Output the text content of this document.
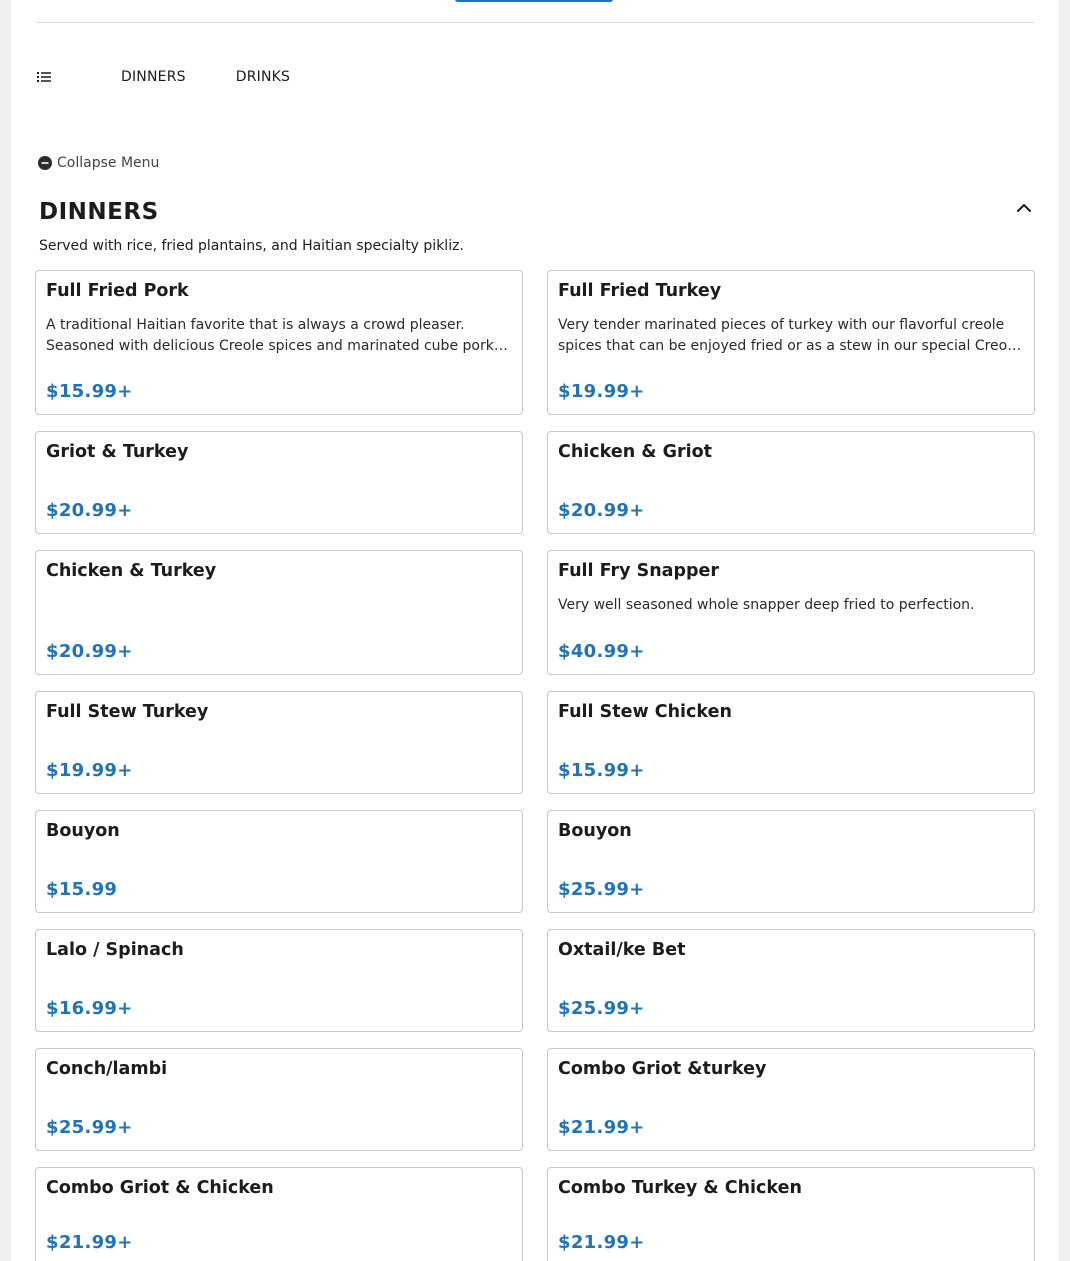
DINNERS	DRINKS
Collapse Menu
DINNERS
Served with rice, fried plantains, and Haitian specialty pikliz.
Full Fried Pork
A traditional Haitian favorite that is always a crowd pleaser. Seasoned with delicious Creole spices and marinated cube pork…
$15.99+
Full Fried Turkey
Very tender marinated pieces of turkey with our flavorful creole spices that can be enjoyed fried or as a stew in our special Creo…
$19.99+
Griot & Turkey
$20.99+
Chicken & Griot
$20.99+
Chicken & Turkey
$20.99+
Full Fry Snapper
Very well seasoned whole snapper deep fried to perfection.
$40.99+
Full Stew Turkey
$19.99+
Full Stew Chicken
$15.99+
Bouyon
$15.99
Bouyon
$25.99+
Lalo / Spinach
$16.99+
Oxtail/ke Bet
$25.99+
Conch/lambi
$25.99+
Combo Griot &turkey
$21.99+
Combo Griot & Chicken
$21.99+
Combo Turkey & Chicken
$21.99+
